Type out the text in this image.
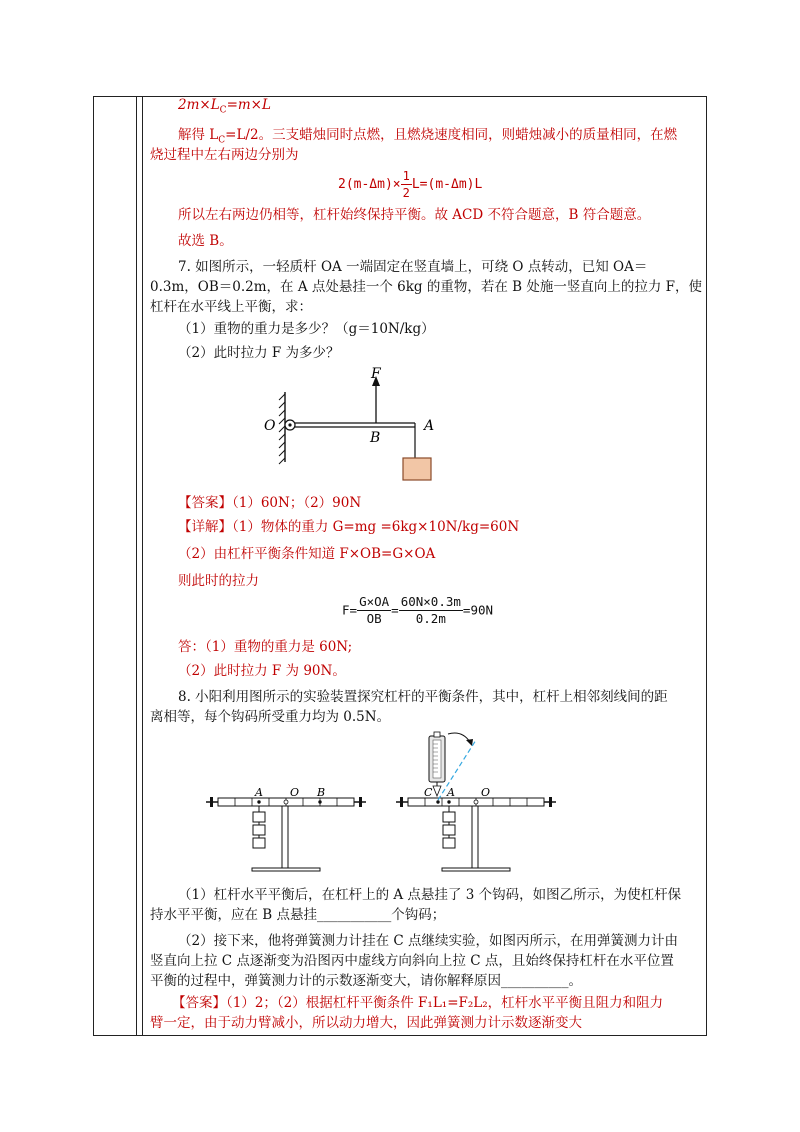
$2m\times L_C=m\times L$
解得 $L_C=L/2$。三支蜡烛同时点燃，且燃烧速度相同，则蜡烛减小的质量相同，在燃
烧过程中左右两边分别为
$2(m-\Delta m)\times \frac{1}{2} L=(m-\Delta m)L$
所以左右两边仍相等，杠杆始终保持平衡。故 ACD 不符合题意，B 符合题意。
故选 B。
7. 如图所示，一轻质杆 OA 一端固定在竖直墙上，可绕 O 点转动，已知 OA＝
0.3m，OB＝0.2m，在 A 点处悬挂一个 6kg 的重物，若在 B 处施一竖直向上的拉力 F，使
杠杆在水平线上平衡，求：
（1）重物的重力是多少？（g＝10N/kg）
（2）此时拉力 F 为多少？
F
O
B
A
【答案】（1）60N；（2）90N
【详解】（1）物体的重力 G=mg =6kg×10N/kg=60N
（2）由杠杆平衡条件知道 F×OB=G×OA
则此时的拉力
$F= \frac{G\times OA}{OB} = \frac{60N\times 0.3m}{0.2m} =90N$
答：（1）重物的重力是 60N;
（2）此时拉力 F 为 90N。
8. 小阳利用图所示的实验装置探究杠杆的平衡条件，其中，杠杆上相邻刻线间的距
离相等，每个钩码所受重力均为 0.5N。
A O B	C A O
（1）杠杆水平平衡后，在杠杆上的 A 点悬挂了 3 个钩码，如图乙所示，为使杠杆保
持水平平衡，应在 B 点悬挂___________个钩码；
（2）接下来，他将弹簧测力计挂在 C 点继续实验，如图丙所示，在用弹簧测力计由
竖直向上拉 C 点逐渐变为沿图丙中虚线方向斜向上拉 C 点，且始终保持杠杆在水平位置
平衡的过程中，弹簧测力计的示数逐渐变大，请你解释原因__________。
【答案】（1）2；（2）根据杠杆平衡条件 F₁L₁=F₂L₂，杠杆水平平衡且阻力和阻力
臂一定，由于动力臂减小，所以动力增大，因此弹簧测力计示数逐渐变大
